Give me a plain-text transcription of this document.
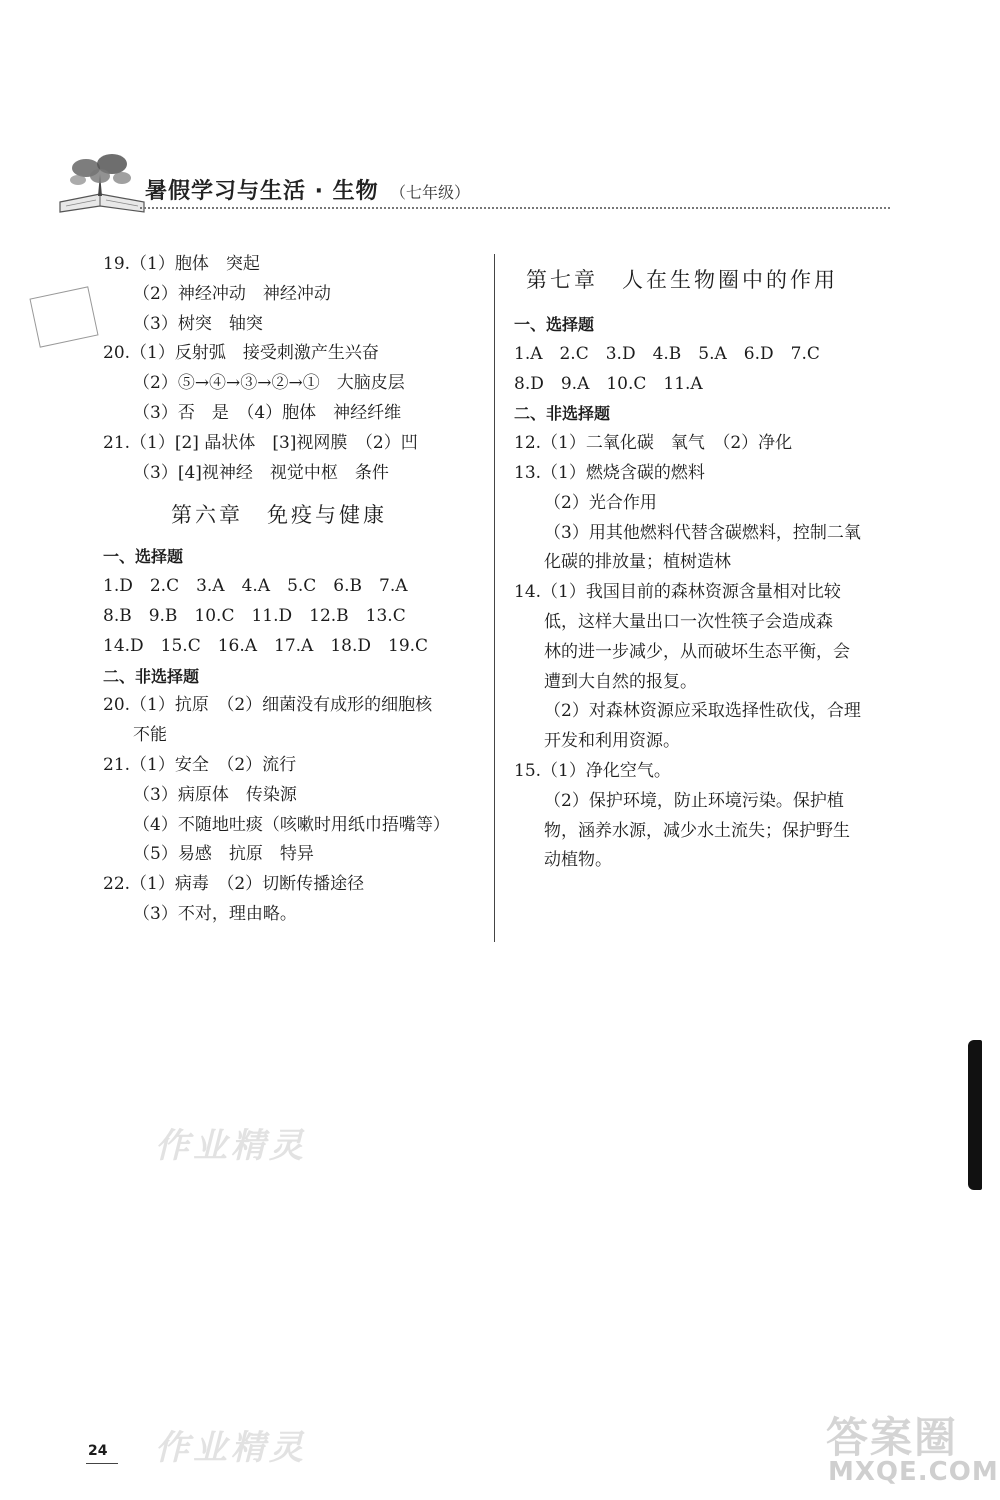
暑假学习与生活 · 生物 （七年级）
19.（1）胞体　突起
（2）神经冲动　神经冲动
（3）树突　轴突
20.（1）反射弧　接受刺激产生兴奋
（2）⑤→④→③→②→①　大脑皮层
（3）否　是　（4）胞体　神经纤维
21.（1）[2] 晶状体　[3]视网膜　（2）凹
（3）[4]视神经　视觉中枢　条件
第六章　免疫与健康
一、选择题
1.D　2.C　3.A　4.A　5.C　6.B　7.A
8.B　9.B　10.C　11.D　12.B　13.C
14.D　15.C　16.A　17.A　18.D　19.C
二、非选择题
20.（1）抗原　（2）细菌没有成形的细胞核
不能
21.（1）安全　（2）流行
（3）病原体　传染源
（4）不随地吐痰（咳嗽时用纸巾捂嘴等）
（5）易感　抗原　特异
22.（1）病毒　（2）切断传播途径
（3）不对，理由略。
第七章　人在生物圈中的作用
一、选择题
1.A　2.C　3.D　4.B　5.A　6.D　7.C
8.D　9.A　10.C　11.A
二、非选择题
12.（1）二氧化碳　氧气　（2）净化
13.（1）燃烧含碳的燃料
（2）光合作用
（3）用其他燃料代替含碳燃料，控制二氧
化碳的排放量；植树造林
14.（1）我国目前的森林资源含量相对比较
低，这样大量出口一次性筷子会造成森
林的进一步减少，从而破坏生态平衡，会
遭到大自然的报复。
（2）对森林资源应采取选择性砍伐，合理
开发和利用资源。
15.（1）净化空气。
（2）保护环境，防止环境污染。保护植
物，涵养水源，减少水土流失；保护野生
动植物。
作业精灵
作业精灵
24	答案圈
MXQE.COM
